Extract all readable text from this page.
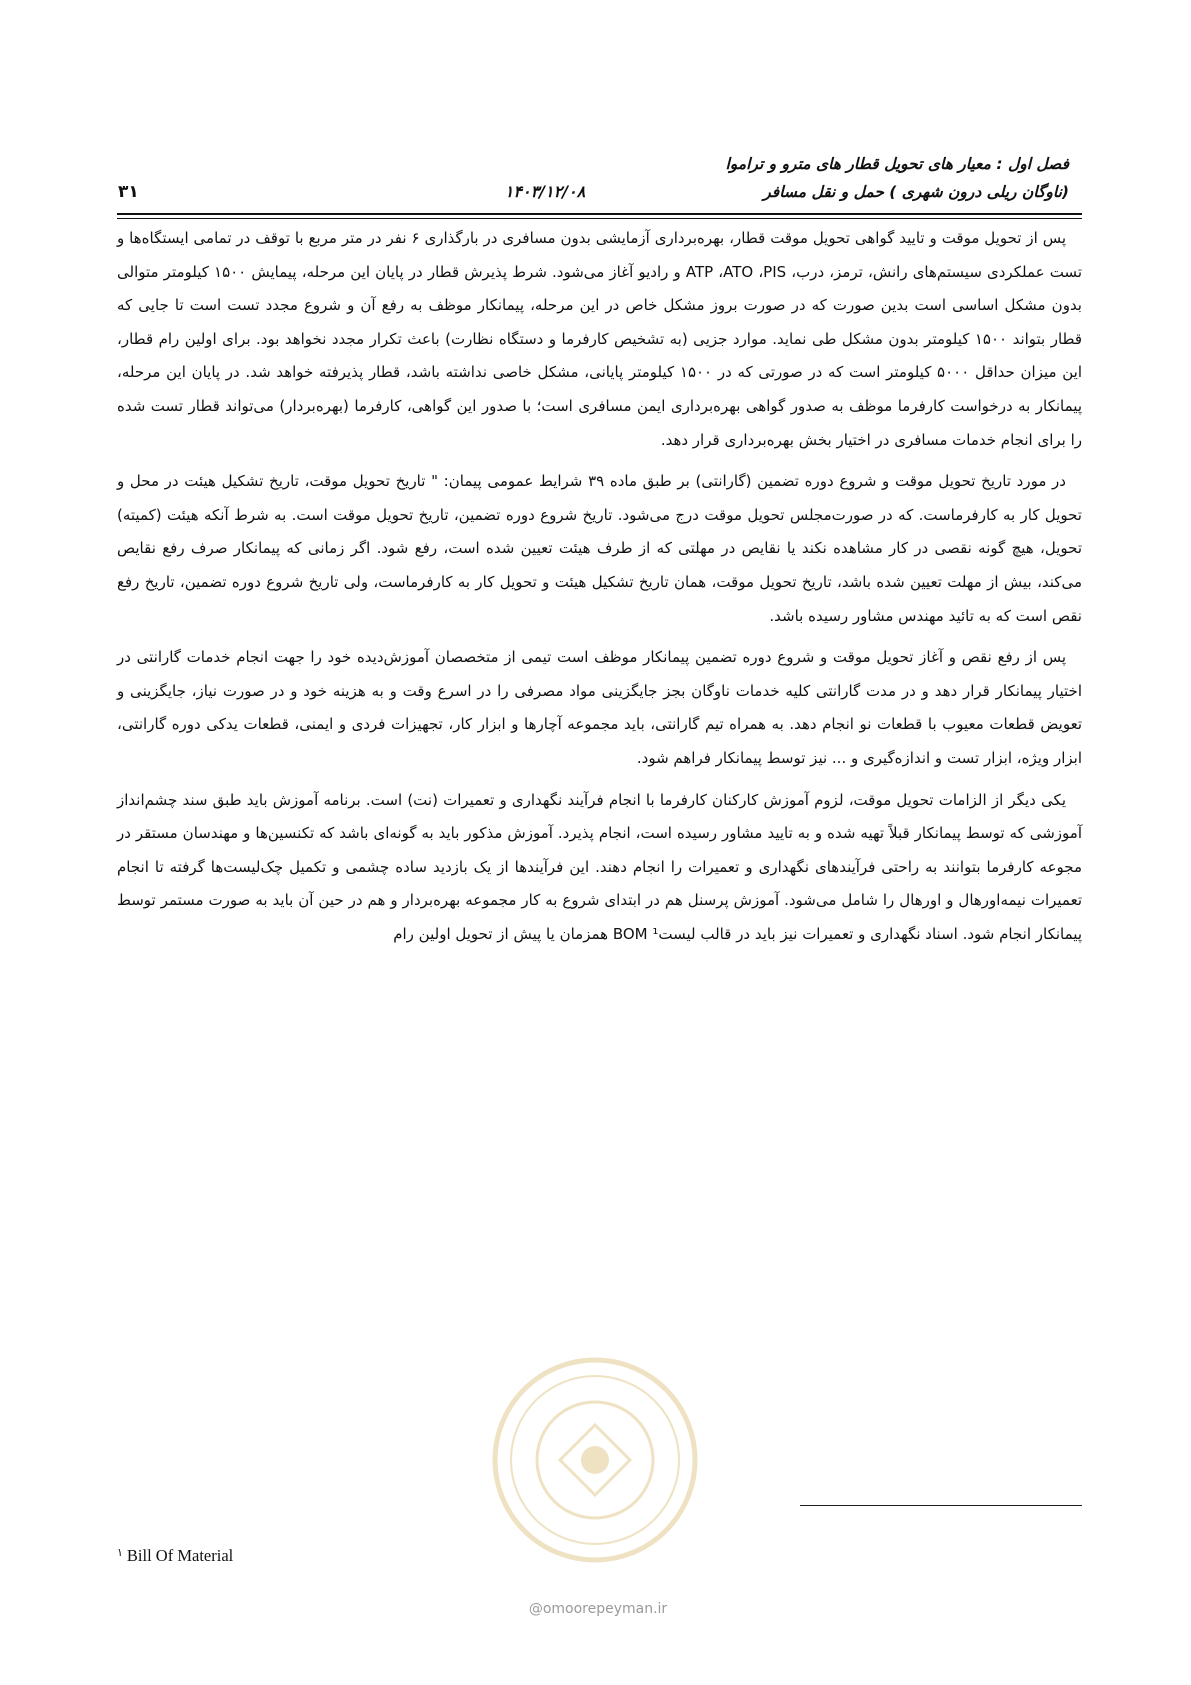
فصل اول : معیار های تحویل قطار های مترو و تراموا
(ناوگان ریلی درون شهری ) حمل و نقل مسافر
۱۴۰۳/۱۲/۰۸
۳۱

پس از تحویل موقت و تایید گواهی تحویل موقت قطار، بهره‌برداری آزمایشی بدون مسافری در بارگذاری ۶ نفر در متر مربع با توقف در تمامی ایستگاه‌ها و تست عملکردی سیستم‌های رانش، ترمز، درب، ATP ،ATO ،PIS و رادیو آغاز می‌شود. شرط پذیرش قطار در پایان این مرحله، پیمایش ۱۵۰۰ کیلومتر متوالی بدون مشکل اساسی است بدین صورت که در صورت بروز مشکل خاص در این مرحله، پیمانکار موظف به رفع آن و شروع مجدد تست است تا جایی که قطار بتواند ۱۵۰۰ کیلومتر بدون مشکل طی نماید. موارد جزیی (به تشخیص کارفرما و دستگاه نظارت) باعث تکرار مجدد نخواهد بود. برای اولین رام قطار، این میزان حداقل ۵۰۰۰ کیلومتر است که در صورتی که در ۱۵۰۰ کیلومتر پایانی، مشکل خاصی نداشته باشد، قطار پذیرفته خواهد شد. در پایان این مرحله، پیمانکار به درخواست کارفرما موظف به صدور گواهی بهره‌برداری ایمن مسافری است؛ با صدور این گواهی، کارفرما (بهره‌بردار) می‌تواند قطار تست شده را برای انجام خدمات مسافری در اختیار بخش بهره‌برداری قرار دهد.

در مورد تاریخ تحویل موقت و شروع دوره تضمین (گارانتی) بر طبق ماده ۳۹ شرایط عمومی پیمان: " تاریخ تحویل موقت، تاریخ تشکیل هیئت در محل و تحویل کار به کارفرماست. که در صورت‌مجلس تحویل موقت درج می‌شود. تاریخ شروع دوره تضمین، تاریخ تحویل موقت است. به شرط آنکه هیئت (کمیته) تحویل، هیچ گونه نقصی در کار مشاهده نکند یا نقایص در مهلتی که از طرف هیئت تعیین شده است، رفع شود. اگر زمانی که پیمانکار صرف رفع نقایص می‌کند، بیش از مهلت تعیین شده باشد، تاریخ تحویل موقت، همان تاریخ تشکیل هیئت و تحویل کار به کارفرماست، ولی تاریخ شروع دوره تضمین، تاریخ رفع نقص است که به تائید مهندس مشاور رسیده باشد.

پس از رفع نقص و آغاز تحویل موقت و شروع دوره تضمین پیمانکار موظف است تیمی از متخصصان آموزش‌دیده خود را جهت انجام خدمات گارانتی در اختیار پیمانکار قرار دهد و در مدت گارانتی کلیه خدمات ناوگان بجز جایگزینی مواد مصرفی را در اسرع وقت و به هزینه خود و در صورت نیاز، جایگزینی و تعویض قطعات معیوب با قطعات نو انجام دهد. به همراه تیم گارانتی، باید مجموعه آچارها و ابزار کار، تجهیزات فردی و ایمنی، قطعات یدکی دوره گارانتی، ابزار ویژه، ابزار تست و اندازه‌گیری و ... نیز توسط پیمانکار فراهم شود.

یکی دیگر از الزامات تحویل موقت، لزوم آموزش کارکنان کارفرما با انجام فرآیند نگهداری و تعمیرات (نت) است. برنامه آموزش باید طبق سند چشم‌انداز آموزشی که توسط پیمانکار قبلاً تهیه شده و به تایید مشاور رسیده است، انجام پذیرد. آموزش مذکور باید به گونه‌ای باشد که تکنسین‌ها و مهندسان مستقر در مجوعه کارفرما بتوانند به راحتی فرآیندهای نگهداری و تعمیرات را انجام دهند. این فرآیندها از یک بازدید ساده چشمی و تکمیل چک‌لیست‌ها گرفته تا انجام تعمیرات نیمه‌اورهال و اورهال را شامل می‌شود. آموزش پرسنل هم در ابتدای شروع به کار مجموعه بهره‌بردار و هم در حین آن باید به صورت مستمر توسط پیمانکار انجام شود. اسناد نگهداری و تعمیرات نیز باید در قالب لیست¹ BOM همزمان یا پیش از تحویل اولین رام

$^۱$ Bill Of Material
@omoorepeyman.ir
